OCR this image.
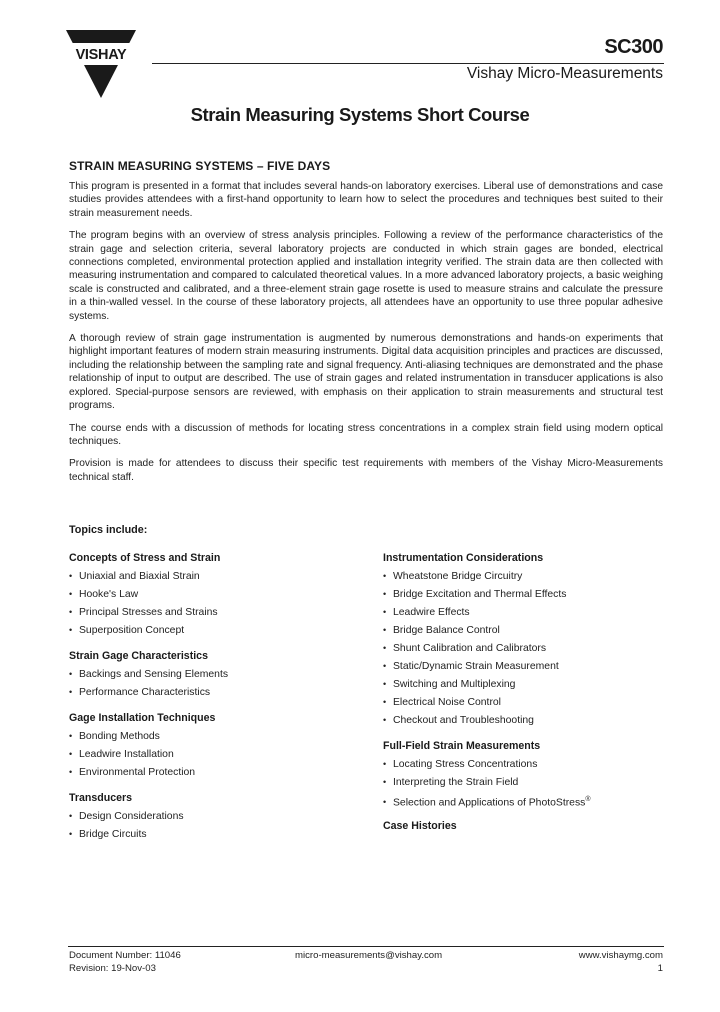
VISHAY	SC300
Vishay Micro-Measurements
Strain Measuring Systems Short Course
STRAIN MEASURING SYSTEMS – FIVE DAYS

This program is presented in a format that includes several hands-on laboratory exercises. Liberal use of demonstrations and case studies provides attendees with a first-hand opportunity to learn how to select the procedures and techniques best suited to their strain measurement needs.

The program begins with an overview of stress analysis principles. Following a review of the performance characteristics of the strain gage and selection criteria, several laboratory projects are conducted in which strain gages are bonded, electrical connections completed, environmental protection applied and installation integrity verified. The strain data are then collected with measuring instrumentation and compared to calculated theoretical values. In a more advanced laboratory projects, a basic weighing scale is constructed and calibrated, and a three-element strain gage rosette is used to measure strains and calculate the pressure in a thin-walled vessel. In the course of these laboratory projects, all attendees have an opportunity to use three popular adhesive systems.

A thorough review of strain gage instrumentation is augmented by numerous demonstrations and hands-on experiments that highlight important features of modern strain measuring instruments. Digital data acquisition principles and practices are discussed, including the relationship between the sampling rate and signal frequency. Anti-aliasing techniques are demonstrated and the phase relationship of input to output are described. The use of strain gages and related instrumentation in transducer applications is also explored. Special-purpose sensors are reviewed, with emphasis on their application to strain measurements and structural test programs.

The course ends with a discussion of methods for locating stress concentrations in a complex strain field using modern optical techniques.

Provision is made for attendees to discuss their specific test requirements with members of the Vishay Micro-Measurements technical staff.

Topics include:
Concepts of Stress and Strain
• Uniaxial and Biaxial Strain
• Hooke's Law
• Principal Stresses and Strains
• Superposition Concept
Strain Gage Characteristics
• Backings and Sensing Elements
• Performance Characteristics
Gage Installation Techniques
• Bonding Methods
• Leadwire Installation
• Environmental Protection
Transducers
• Design Considerations
• Bridge Circuits
Instrumentation Considerations
• Wheatstone Bridge Circuitry
• Bridge Excitation and Thermal Effects
• Leadwire Effects
• Bridge Balance Control
• Shunt Calibration and Calibrators
• Static/Dynamic Strain Measurement
• Switching and Multiplexing
• Electrical Noise Control
• Checkout and Troubleshooting
Full-Field Strain Measurements
• Locating Stress Concentrations
• Interpreting the Strain Field
• Selection and Applications of PhotoStress®
Case Histories
Document Number: 11046
Revision: 19-Nov-03
micro-measurements@vishay.com	www.vishaymg.com
1
